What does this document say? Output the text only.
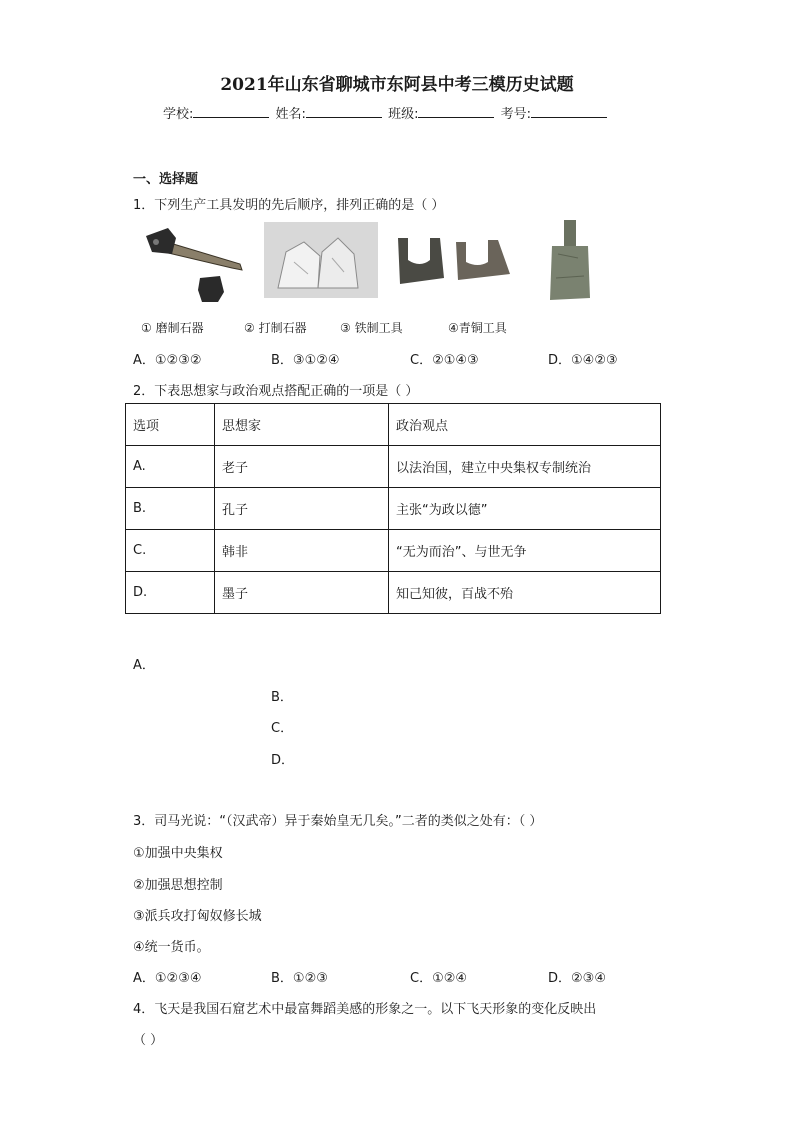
2021年山东省聊城市东阿县中考三模历史试题
学校:	姓名:	班级:	考号:
一、选择题
1．下列生产工具发明的先后顺序，排列正确的是（ ）
① 磨制石器	② 打制石器	③ 铁制工具	④青铜工具
A．①②③②	B．③①②④	C．②①④③	D．①④②③
2．下表思想家与政治观点搭配正确的一项是（ ）
选项	思想家	政治观点
A.	老子	以法治国，建立中央集权专制统治
B.	孔子	主张“为政以德”
C.	韩非	“无为而治”、与世无争
D.	墨子	知己知彼，百战不殆
A．
B．
C．
D．
3．司马光说：“（汉武帝）异于秦始皇无几矣。”二者的类似之处有：（ ）
①加强中央集权
②加强思想控制
③派兵攻打匈奴修长城
④统一货币。
A．①②③④	B．①②③	C．①②④	D．②③④
4．飞天是我国石窟艺术中最富舞蹈美感的形象之一。以下飞天形象的变化反映出
（ ）
